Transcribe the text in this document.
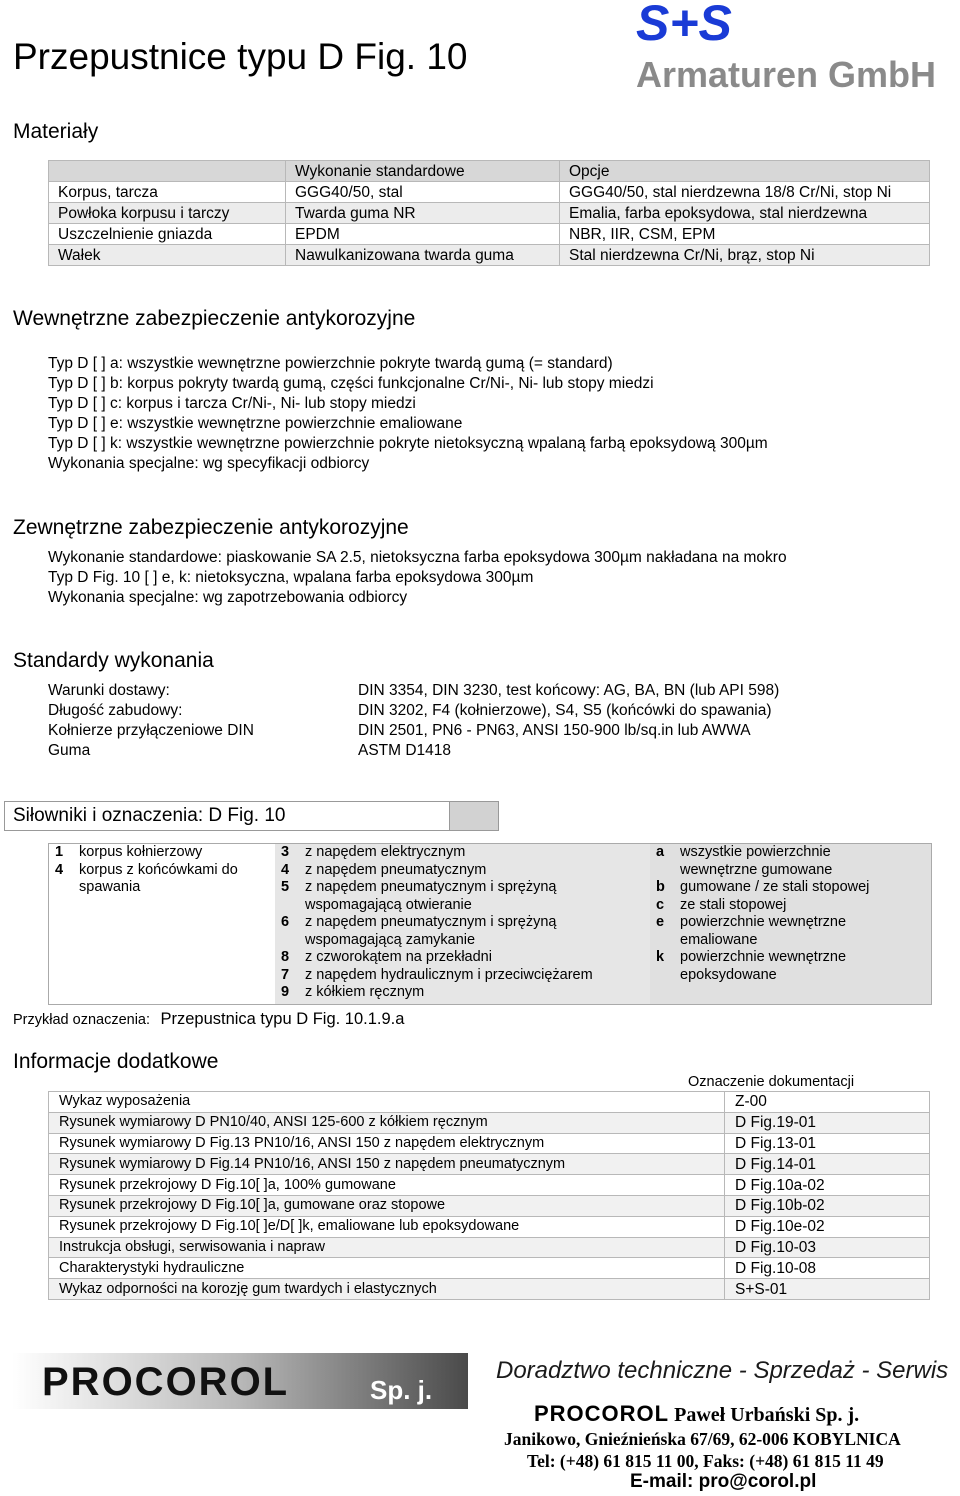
Przepustnice typu D Fig. 10
S+S
Armaturen GmbH
Materiały
	Wykonanie standardowe	Opcje
Korpus, tarcza	GGG40/50, stal	GGG40/50, stal nierdzewna 18/8 Cr/Ni, stop Ni
Powłoka korpusu i tarczy	Twarda guma NR	Emalia, farba epoksydowa, stal nierdzewna
Uszczelnienie gniazda	EPDM	NBR, IIR, CSM, EPM
Wałek	Nawulkanizowana twarda guma	Stal nierdzewna Cr/Ni, brąz, stop Ni
Wewnętrzne zabezpieczenie antykorozyjne
Typ D [ ] a: wszystkie wewnętrzne powierzchnie pokryte twardą gumą (= standard)
Typ D [ ] b: korpus pokryty twardą gumą, części funkcjonalne Cr/Ni-, Ni- lub stopy miedzi
Typ D [ ] c: korpus i tarcza Cr/Ni-, Ni- lub stopy miedzi
Typ D [ ] e: wszystkie wewnętrzne powierzchnie emaliowane
Typ D [ ] k: wszystkie wewnętrzne powierzchnie pokryte nietoksyczną wpalaną farbą epoksydową 300µm
Wykonania specjalne: wg specyfikacji odbiorcy
Zewnętrzne zabezpieczenie antykorozyjne
Wykonanie standardowe: piaskowanie SA 2.5, nietoksyczna farba epoksydowa 300µm nakładana na mokro
Typ D Fig. 10 [ ] e, k: nietoksyczna, wpalana farba epoksydowa 300µm
Wykonania specjalne: wg zapotrzebowania odbiorcy
Standardy wykonania
Warunki dostawy:	DIN 3354, DIN 3230, test końcowy: AG, BA, BN (lub API 598)
Długość zabudowy:	DIN 3202, F4 (kołnierzowe), S4, S5 (końcówki do spawania)
Kołnierze przyłączeniowe DIN	DIN 2501, PN6 - PN63, ANSI 150-900 lb/sq.in lub AWWA
Guma	ASTM D1418
Siłowniki i oznaczenia: D Fig. 10
1 korpus kołnierzowy
4 korpus z końcówkami do
spawania
3 z napędem elektrycznym
4 z napędem pneumatycznym
5 z napędem pneumatycznym i sprężyną
wspomagającą otwieranie
6 z napędem pneumatycznym i sprężyną
wspomagającą zamykanie
8 z czworokątem na przekładni
7 z napędem hydraulicznym i przeciwciężarem
9 z kółkiem ręcznym
a wszystkie powierzchnie
wewnętrzne gumowane
b gumowane / ze stali stopowej
c ze stali stopowej
e powierzchnie wewnętrzne
emaliowane
k powierzchnie wewnętrzne
epoksydowane
Przykład oznaczenia: Przepustnica typu D Fig. 10.1.9.a
Informacje dodatkowe
Oznaczenie dokumentacji
Wykaz wyposażenia	Z-00
Rysunek wymiarowy D PN10/40, ANSI 125-600 z kółkiem ręcznym	D Fig.19-01
Rysunek wymiarowy D Fig.13 PN10/16, ANSI 150 z napędem elektrycznym	D Fig.13-01
Rysunek wymiarowy D Fig.14 PN10/16, ANSI 150 z napędem pneumatycznym	D Fig.14-01
Rysunek przekrojowy D Fig.10[ ]a, 100% gumowane	D Fig.10a-02
Rysunek przekrojowy D Fig.10[ ]a, gumowane oraz stopowe	D Fig.10b-02
Rysunek przekrojowy D Fig.10[ ]e/D[ ]k, emaliowane lub epoksydowane	D Fig.10e-02
Instrukcja obsługi, serwisowania i napraw	D Fig.10-03
Charakterystyki hydrauliczne	D Fig.10-08
Wykaz odporności na korozję gum twardych i elastycznych	S+S-01
PROCOROL	Sp. j.
Doradztwo techniczne - Sprzedaż - Serwis
PROCOROL Paweł Urbański Sp. j.
Janikowo, Gnieźnieńska 67/69, 62-006 KOBYLNICA
Tel: (+48) 61 815 11 00, Faks: (+48) 61 815 11 49
E-mail: pro@corol.pl
